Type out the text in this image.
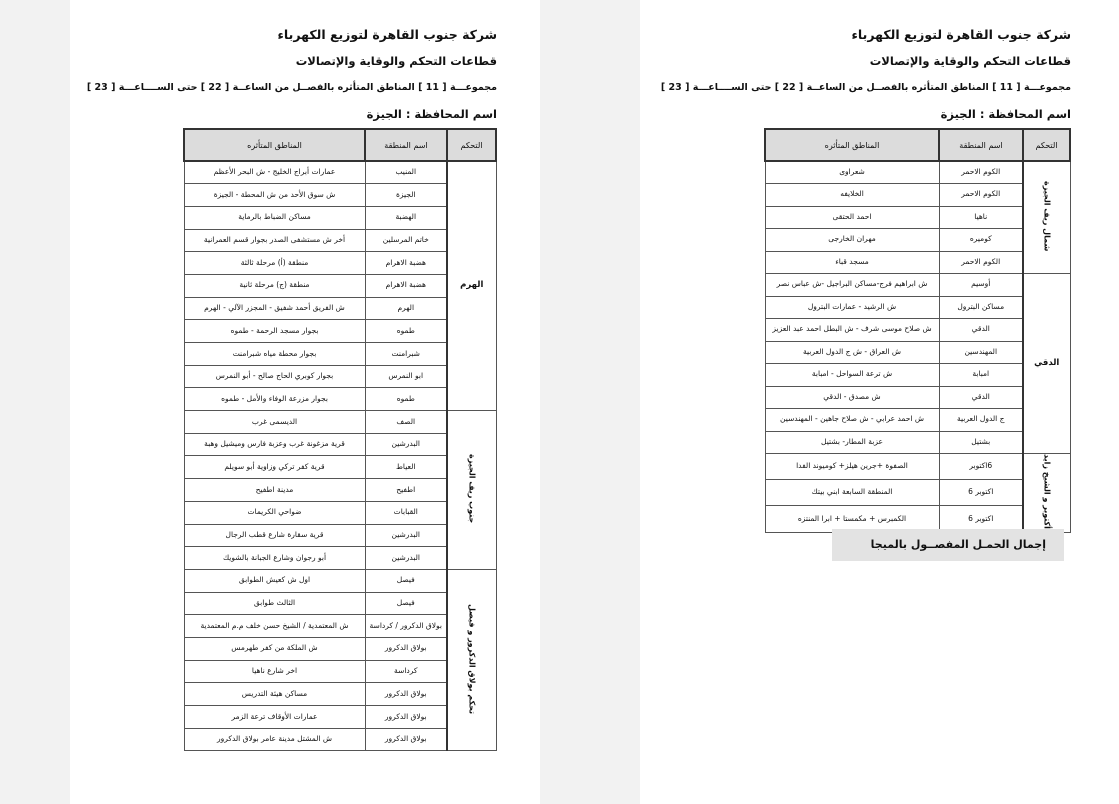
شركة جنوب القاهرة لتوزيع الكهرباء
قطاعات التحكم والوقاية والإتصالات
مجموعـــة [ 11 ] المناطق المتأثره بالفصــل من الساعــة [ 22 ] حتى الســــاعـــة [ 23 ]
اسم المحافظة : الجيزة
التحكم	اسم المنطقة	المناطق المتأثره
الهرم	المنيب	عمارات أبراج الخليج - ش البحر الأعظم
	الجيزة	ش سوق الأحد من ش المحطة - الجيزة
	الهضبة	مساكن الضباط بالرماية
	خاتم المرسلين	أخر ش مستشفى الصدر بجوار قسم العمرانية
	هضبة الاهرام	منطقة (أ) مرحلة ثالثة
	هضبة الاهرام	منطقة (ج) مرحلة ثانية
	الهرم	ش الفريق أحمد شفيق - المجزر الآلي - الهرم
	طموه	بجوار مسجد الرحمة - طموه
	شبرامنت	بجوار محطة مياه شبرامنت
	ابو النمرس	بجوار كوبري الحاج صالح - أبو النمرس
	طموه	بجوار مزرعة الوفاء والأمل - طموه
جنوب ريف الجيزة	الصف	الديسمى غرب
	البدرشين	قرية مزغونة غرب وعزبة فارس وميشيل وهبة
	العياط	قرية كفر تركي وزاوية أبو سويلم
	اطفيح	مدينة اطفيح
	القبابات	ضواحي الكريمات
	البدرشين	قرية سقارة شارع قطب الرجال
	البدرشين	أبو رجوان وشارع الجبانة بالشويك
تحكم بولاق الدكرور و فيصل	فيصل	اول ش كعيش الطوابق
	فيصل	الثالث طوابق
	بولاق الدكرور / كرداسة	ش المعتمدية / الشيخ حسن خلف م.م المعتمدية
	بولاق الدكرور	ش الملكة من كفر طهرمس
	كرداسة	اخر شارع ناهيا
	بولاق الدكرور	مساكن هيئة التدريس
	بولاق الدكرور	عمارات الأوقاف ترعة الزمر
	بولاق الدكرور	ش المشتل مدينة عامر بولاق الدكرور
شركة جنوب القاهرة لتوزيع الكهرباء
قطاعات التحكم والوقاية والإتصالات
مجموعـــة [ 11 ] المناطق المتأثره بالفصــل من الساعــة [ 22 ] حتى الســــاعـــة [ 23 ]
اسم المحافظة : الجيزة
التحكم	اسم المنطقة	المناطق المتأثره
شمال ريف الجيزة	الكوم الاحمر	شعراوى
	الكوم الاحمر	الخلايفه
	ناهيا	احمد الحتقى
	كوميره	مهران الخارجى
	الكوم الاحمر	مسجد قباء
الدقي	أوسيم	ش ابراهيم فرج-مساكن البراجيل -ش عباس نصر
	مساكن البترول	ش الرشيد - عمارات البترول
	الدقي	ش صلاح موسى شرف - ش البطل احمد عبد العزيز
	المهندسين	ش العراق - ش ج الدول العربية
	امبابة	ش ترعة السواحل - امبابة
	الدقي	ش مصدق - الدقي
	ج الدول العربية	ش احمد عرابي - ش صلاح جاهين - المهندسين
	بشتيل	عزبة المطار- بشتيل
أكتوبر و الشيخ زايد	6اكتوبر	الصفوة +جرين هيلز+ كوميوند الفدا
	اكتوبر 6	المنطقة السابعة ابني بيتك
	اكتوبر 6	الكمبرس + مكمستا + ابرا المنتزه
إجمال الحمـل المفصــول بالميجا
